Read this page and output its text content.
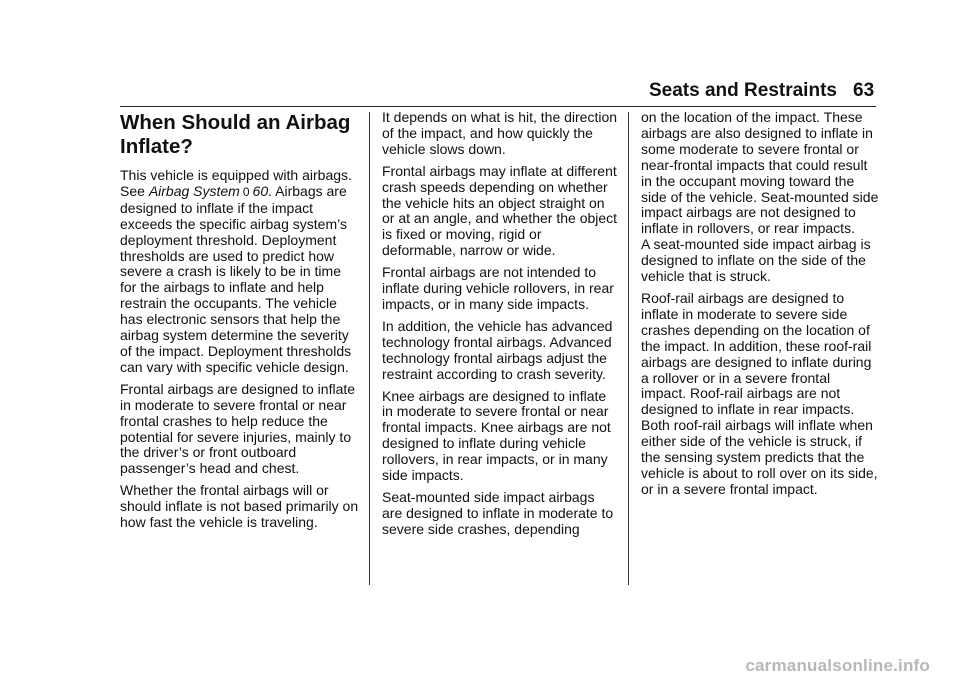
Seats and Restraints 63
When Should an Airbag Inflate?

This vehicle is equipped with airbags. See Airbag System 0 60. Airbags are designed to inflate if the impact exceeds the specific airbag system’s deployment threshold. Deployment thresholds are used to predict how severe a crash is likely to be in time for the airbags to inflate and help restrain the occupants. The vehicle has electronic sensors that help the airbag system determine the severity of the impact. Deployment thresholds can vary with specific vehicle design.

Frontal airbags are designed to inflate in moderate to severe frontal or near frontal crashes to help reduce the potential for severe injuries, mainly to the driver’s or front outboard passenger’s head and chest.

Whether the frontal airbags will or should inflate is not based primarily on how fast the vehicle is traveling.

It depends on what is hit, the direction of the impact, and how quickly the vehicle slows down.

Frontal airbags may inflate at different crash speeds depending on whether the vehicle hits an object straight on or at an angle, and whether the object is fixed or moving, rigid or deformable, narrow or wide.

Frontal airbags are not intended to inflate during vehicle rollovers, in rear impacts, or in many side impacts.

In addition, the vehicle has advanced technology frontal airbags. Advanced technology frontal airbags adjust the restraint according to crash severity.

Knee airbags are designed to inflate in moderate to severe frontal or near frontal impacts. Knee airbags are not designed to inflate during vehicle rollovers, in rear impacts, or in many side impacts.

Seat-mounted side impact airbags are designed to inflate in moderate to severe side crashes, depending

on the location of the impact. These airbags are also designed to inflate in some moderate to severe frontal or near-frontal impacts that could result in the occupant moving toward the side of the vehicle. Seat-mounted side impact airbags are not designed to inflate in rollovers, or rear impacts.

A seat-mounted side impact airbag is designed to inflate on the side of the vehicle that is struck.

Roof-rail airbags are designed to inflate in moderate to severe side crashes depending on the location of the impact. In addition, these roof-rail airbags are designed to inflate during a rollover or in a severe frontal impact. Roof-rail airbags are not designed to inflate in rear impacts. Both roof-rail airbags will inflate when either side of the vehicle is struck, if the sensing system predicts that the vehicle is about to roll over on its side, or in a severe frontal impact.

carmanualsonline.info
